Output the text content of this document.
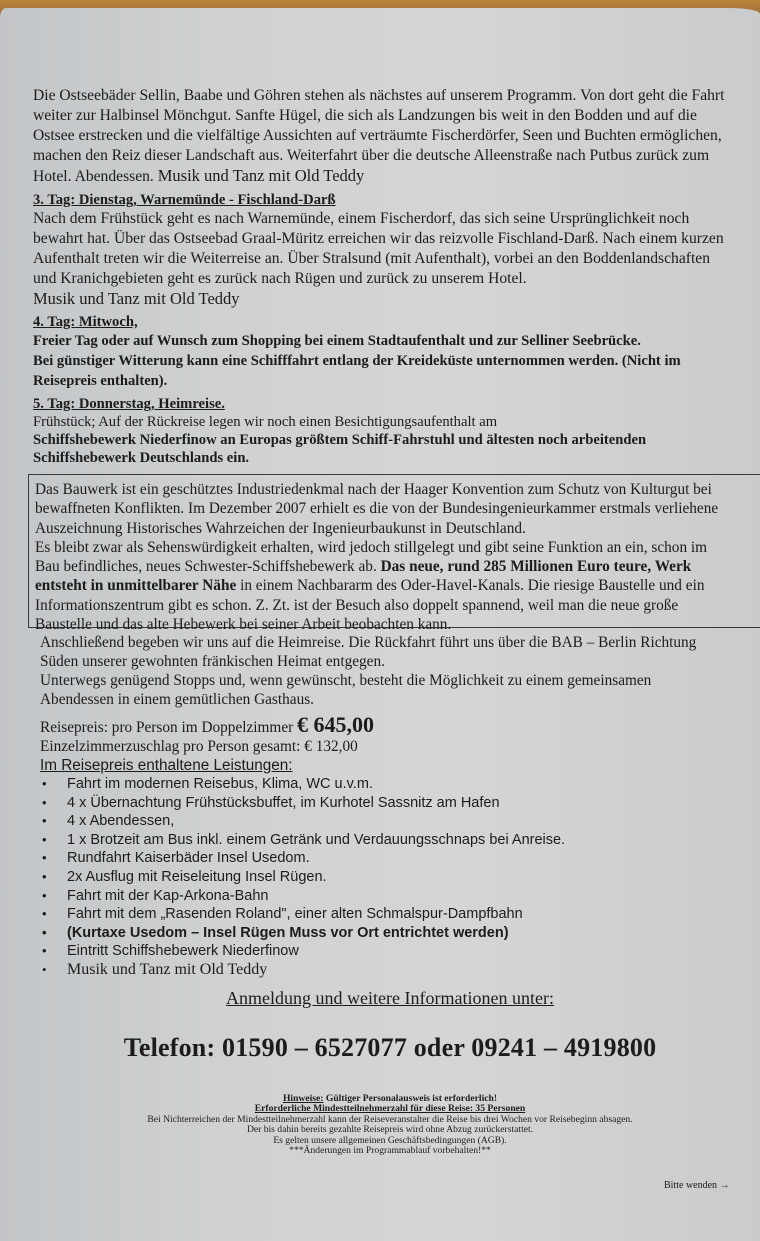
Die Ostseebäder Sellin, Baabe und Göhren stehen als nächstes auf unserem Programm. Von dort geht die Fahrt

weiter zur Halbinsel Mönchgut. Sanfte Hügel, die sich als Landzungen bis weit in den Bodden und auf die

Ostsee erstrecken und die vielfältige Aussichten auf verträumte Fischerdörfer, Seen und Buchten ermöglichen,

machen den Reiz dieser Landschaft aus. Weiterfahrt über die deutsche Alleenstraße nach Putbus zurück zum

Hotel. Abendessen. Musik und Tanz mit Old Teddy

3. Tag: Dienstag, Warnemünde - Fischland-Darß

Nach dem Frühstück geht es nach Warnemünde, einem Fischerdorf, das sich seine Ursprünglichkeit noch

bewahrt hat. Über das Ostseebad Graal-Müritz erreichen wir das reizvolle Fischland-Darß. Nach einem kurzen

Aufenthalt treten wir die Weiterreise an. Über Stralsund (mit Aufenthalt), vorbei an den Boddenlandschaften

und Kranichgebieten geht es zurück nach Rügen und zurück zu unserem Hotel.

Musik und Tanz mit Old Teddy

4. Tag: Mitwoch,

Freier Tag oder auf Wunsch zum Shopping bei einem Stadtaufenthalt und zur Selliner Seebrücke.

Bei günstiger Witterung kann eine Schifffahrt entlang der Kreideküste unternommen werden. (Nicht im

Reisepreis enthalten).

5. Tag: Donnerstag, Heimreise.

Frühstück; Auf der Rückreise legen wir noch einen Besichtigungsaufenthalt am

Schiffshebewerk Niederfinow an Europas größtem Schiff-Fahrstuhl und ältesten noch arbeitenden

Schiffshebewerk Deutschlands ein.

Das Bauwerk ist ein geschütztes Industriedenkmal nach der Haager Konvention zum Schutz von Kulturgut bei

bewaffneten Konflikten. Im Dezember 2007 erhielt es die von der Bundesingenieurkammer erstmals verliehene

Auszeichnung Historisches Wahrzeichen der Ingenieurbaukunst in Deutschland.

Es bleibt zwar als Sehenswürdigkeit erhalten, wird jedoch stillgelegt und gibt seine Funktion an ein, schon im

Bau befindliches, neues Schwester-Schiffshebewerk ab. Das neue, rund 285 Millionen Euro teure, Werk

entsteht in unmittelbarer Nähe in einem Nachbararm des Oder-Havel-Kanals. Die riesige Baustelle und ein

Informationszentrum gibt es schon. Z. Zt. ist der Besuch also doppelt spannend, weil man die neue große

Baustelle und das alte Hebewerk bei seiner Arbeit beobachten kann.

Anschließend begeben wir uns auf die Heimreise. Die Rückfahrt führt uns über die BAB – Berlin Richtung

Süden unserer gewohnten fränkischen Heimat entgegen.

Unterwegs genügend Stopps und, wenn gewünscht, besteht die Möglichkeit zu einem gemeinsamen

Abendessen in einem gemütlichen Gasthaus.

Reisepreis: pro Person im Doppelzimmer € 645,00

Einzelzimmerzuschlag pro Person gesamt: € 132,00

Im Reisepreis enthaltene Leistungen:

• Fahrt im modernen Reisebus, Klima, WC u.v.m.
• 4 x Übernachtung Frühstücksbuffet, im Kurhotel Sassnitz am Hafen
• 4 x Abendessen,
• 1 x Brotzeit am Bus inkl. einem Getränk und Verdauungsschnaps bei Anreise.
• Rundfahrt Kaiserbäder Insel Usedom.
• 2x Ausflug mit Reiseleitung Insel Rügen.
• Fahrt mit der Kap-Arkona-Bahn
• Fahrt mit dem „Rasenden Roland", einer alten Schmalspur-Dampfbahn
• (Kurtaxe Usedom – Insel Rügen Muss vor Ort entrichtet werden)
• Eintritt Schiffshebewerk Niederfinow
• Musik und Tanz mit Old Teddy
Anmeldung und weitere Informationen unter:
Telefon: 01590 – 6527077 oder 09241 – 4919800
Hinweise: Gültiger Personalausweis ist erforderlich!
Erforderliche Mindestteilnehmerzahl für diese Reise: 35 Personen
Bei Nichterreichen der Mindestteilnehmerzahl kann der Reiseveranstalter die Reise bis drei Wochen vor Reisebeginn absagen.
Der bis dahin bereits gezahlte Reisepreis wird ohne Abzug zurückerstattet.
Es gelten unsere allgemeinen Geschäftsbedingungen (AGB).
***Änderungen im Programmablauf vorbehalten!**
Bitte wenden →
